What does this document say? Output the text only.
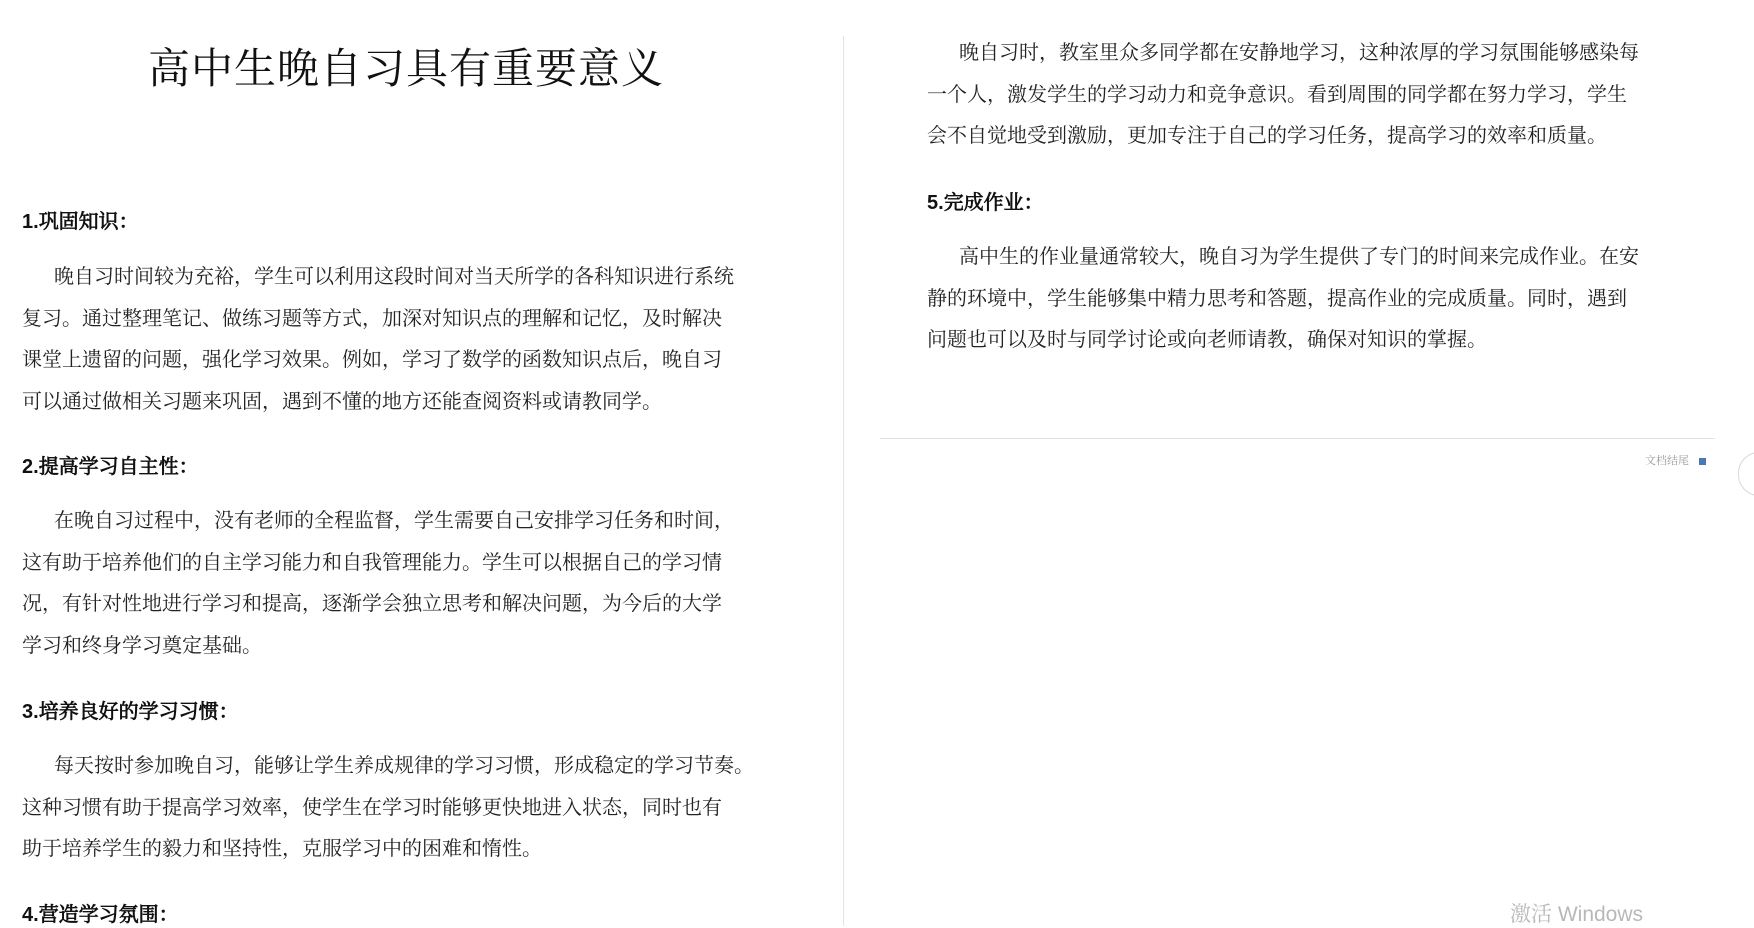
高中生晚自习具有重要意义
1.巩固知识：

晚自习时间较为充裕，学生可以利用这段时间对当天所学的各科知识进行系统
复习。通过整理笔记、做练习题等方式，加深对知识点的理解和记忆，及时解决
课堂上遗留的问题，强化学习效果。例如，学习了数学的函数知识点后，晚自习
可以通过做相关习题来巩固，遇到不懂的地方还能查阅资料或请教同学。

2.提高学习自主性：

在晚自习过程中，没有老师的全程监督，学生需要自己安排学习任务和时间，
这有助于培养他们的自主学习能力和自我管理能力。学生可以根据自己的学习情
况，有针对性地进行学习和提高，逐渐学会独立思考和解决问题，为今后的大学
学习和终身学习奠定基础。

3.培养良好的学习习惯：

每天按时参加晚自习，能够让学生养成规律的学习习惯，形成稳定的学习节奏。
这种习惯有助于提高学习效率，使学生在学习时能够更快地进入状态，同时也有
助于培养学生的毅力和坚持性，克服学习中的困难和惰性。

4.营造学习氛围：

晚自习时，教室里众多同学都在安静地学习，这种浓厚的学习氛围能够感染每
一个人，激发学生的学习动力和竞争意识。看到周围的同学都在努力学习，学生
会不自觉地受到激励，更加专注于自己的学习任务，提高学习的效率和质量。

5.完成作业：

高中生的作业量通常较大，晚自习为学生提供了专门的时间来完成作业。在安
静的环境中，学生能够集中精力思考和答题，提高作业的完成质量。同时，遇到
问题也可以及时与同学讨论或向老师请教，确保对知识的掌握。

文档结尾
激活 Windows
